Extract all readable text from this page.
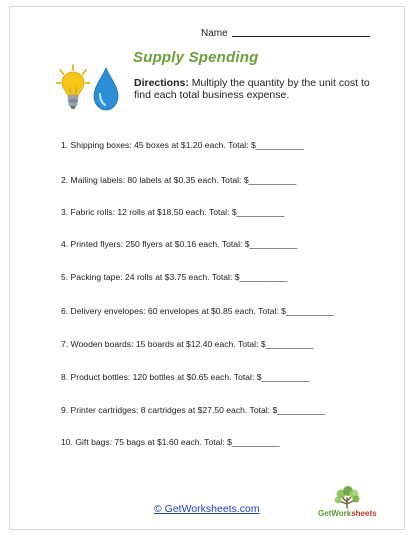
Name
Supply Spending
Directions: Multiply the quantity by the unit cost to find each total business expense.
1. Shipping boxes: 45 boxes at $1.20 each. Total: $__________
2. Mailing labels: 80 labels at $0.35 each. Total: $__________
3. Fabric rolls: 12 rolls at $18.50 each. Total: $__________
4. Printed flyers: 250 flyers at $0.16 each. Total: $__________
5. Packing tape: 24 rolls at $3.75 each. Total: $__________
6. Delivery envelopes: 60 envelopes at $0.85 each. Total: $__________
7. Wooden boards: 15 boards at $12.40 each. Total: $__________
8. Product bottles: 120 bottles at $0.65 each. Total: $__________
9. Printer cartridges: 8 cartridges at $27.50 each. Total: $__________
10. Gift bags: 75 bags at $1.60 each. Total: $__________
© GetWorksheets.com	GetWorksheets
